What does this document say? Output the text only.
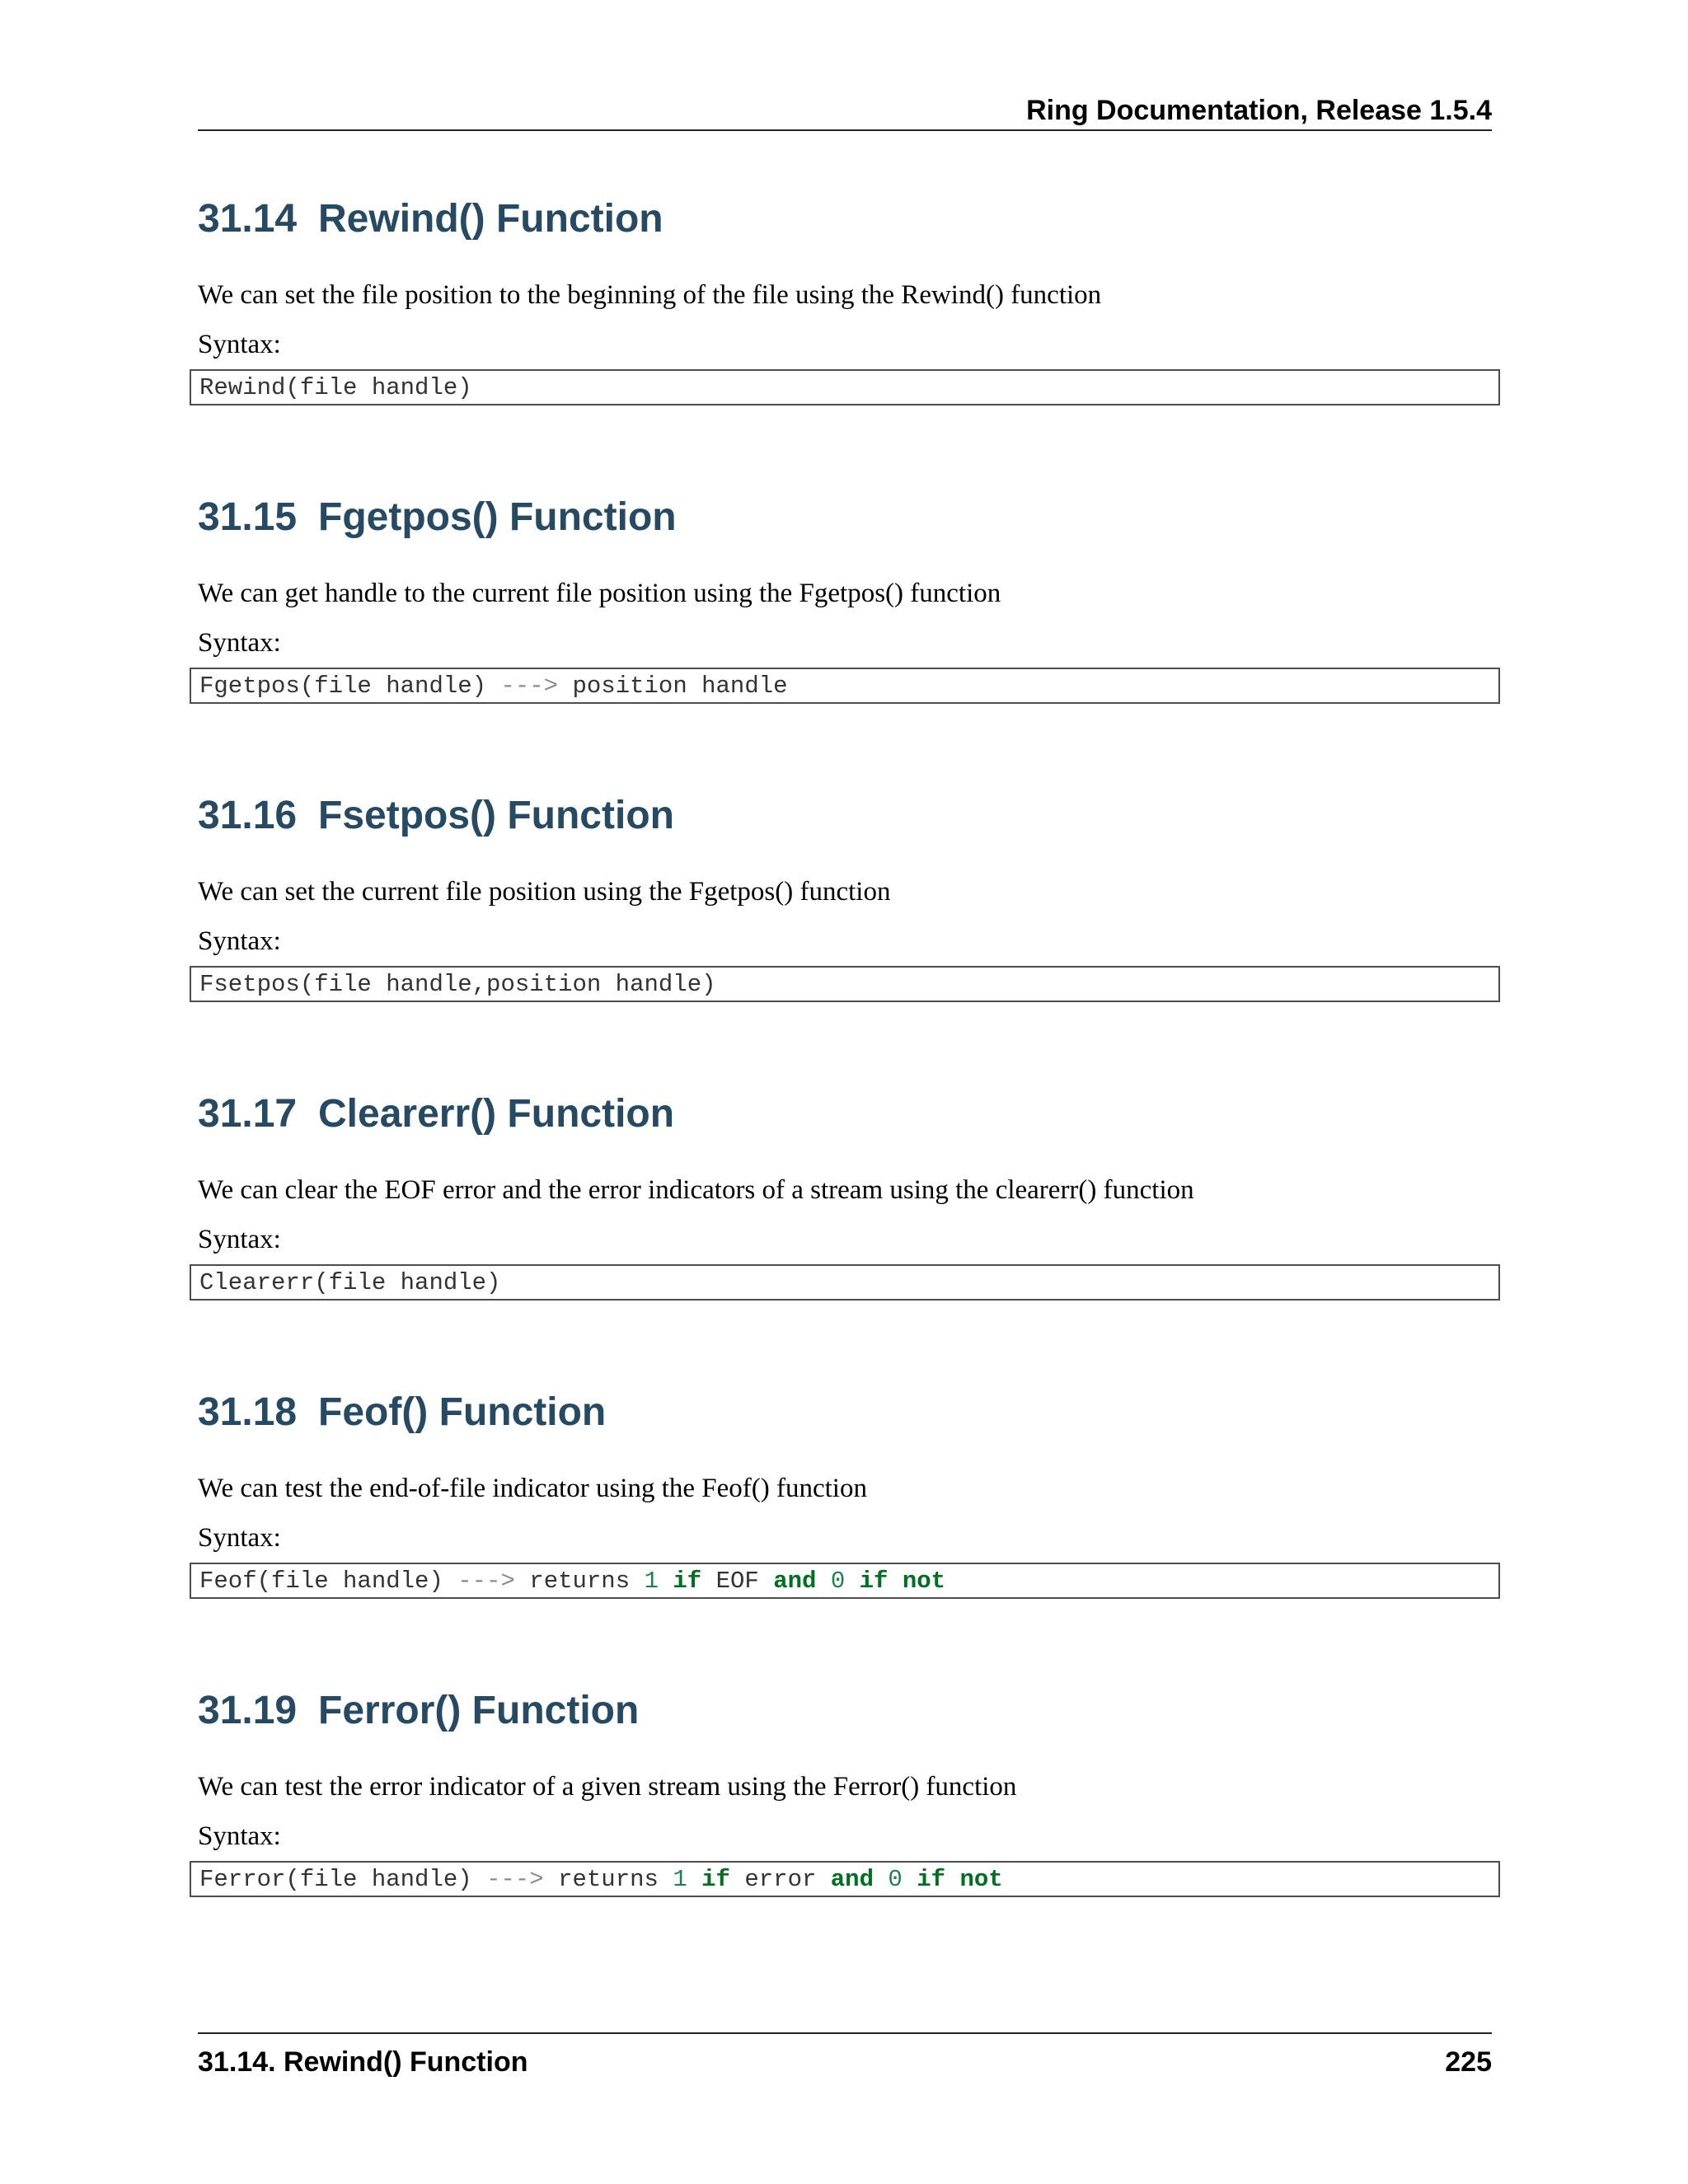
Ring Documentation, Release 1.5.4
31.14 Rewind() Function
We can set the file position to the beginning of the file using the Rewind() function
Syntax:
Rewind(file handle)
31.15 Fgetpos() Function
We can get handle to the current file position using the Fgetpos() function
Syntax:
Fgetpos(file handle) ---> position handle
31.16 Fsetpos() Function
We can set the current file position using the Fgetpos() function
Syntax:
Fsetpos(file handle,position handle)
31.17 Clearerr() Function
We can clear the EOF error and the error indicators of a stream using the clearerr() function
Syntax:
Clearerr(file handle)
31.18 Feof() Function
We can test the end-of-file indicator using the Feof() function
Syntax:
Feof(file handle) ---> returns 1 if EOF and 0 if not
31.19 Ferror() Function
We can test the error indicator of a given stream using the Ferror() function
Syntax:
Ferror(file handle) ---> returns 1 if error and 0 if not
31.14. Rewind() Function	225
